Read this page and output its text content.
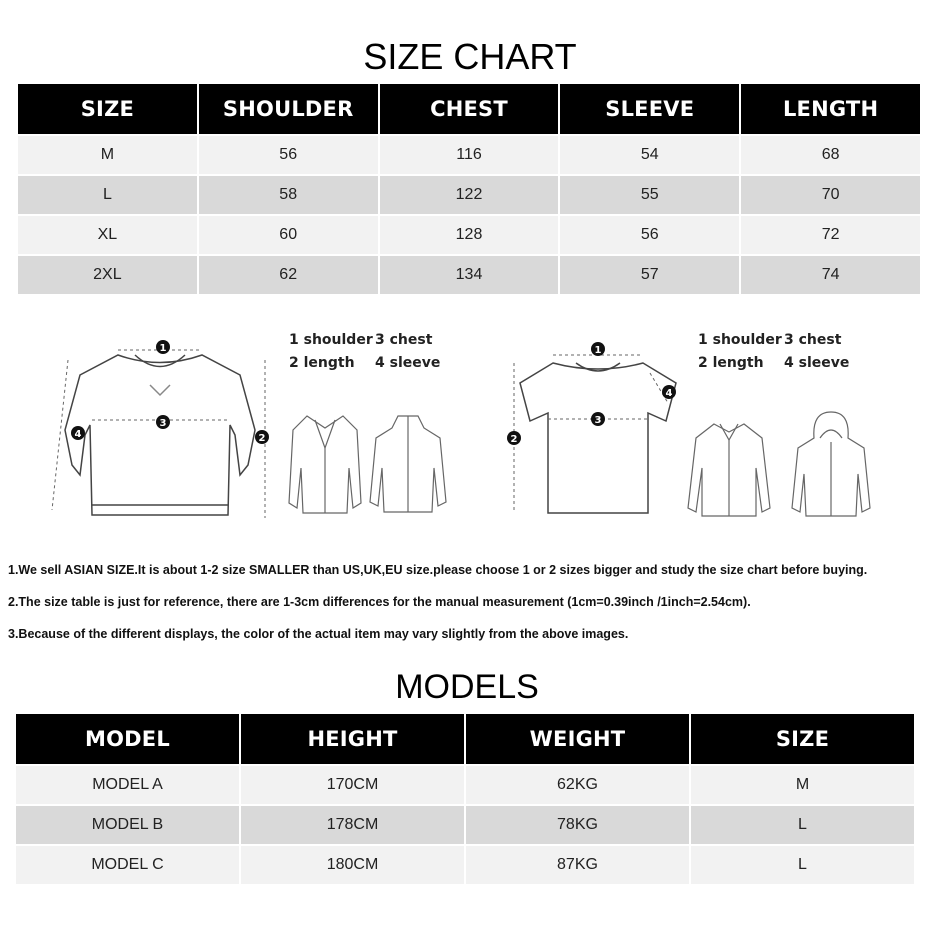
SIZE CHART
SIZE	SHOULDER	CHEST	SLEEVE	LENGTH
M	56	116	54	68
L	58	122	55	70
XL	60	128	56	72
2XL	62	134	57	74
1
2
3
4
1 shoulder 3 chest
2 length 4 sleeve
1
2
3
4
1 shoulder 3 chest
2 length 4 sleeve
1.We sell ASIAN SIZE.It is about 1-2 size SMALLER than US,UK,EU size.please choose 1 or 2 sizes bigger and study the size chart before buying.
2.The size table is just for reference, there are 1-3cm differences for the manual measurement (1cm=0.39inch /1inch=2.54cm).
3.Because of the different displays, the color of the actual item may vary slightly from the above images.
MODELS
MODEL	HEIGHT	WEIGHT	SIZE
MODEL A	170CM	62KG	M
MODEL B	178CM	78KG	L
MODEL C	180CM	87KG	L
